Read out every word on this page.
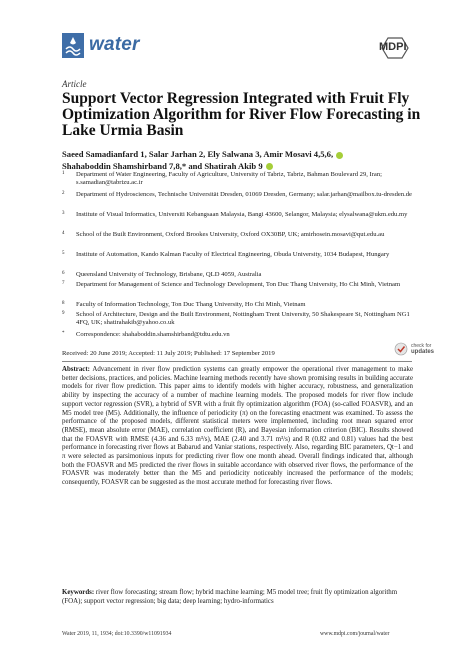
water	MDPI
Article
Support Vector Regression Integrated with Fruit Fly Optimization Algorithm for River Flow Forecasting in Lake Urmia Basin
Saeed Samadianfard 1, Salar Jarhan 2, Ely Salwana 3, Amir Mosavi 4,5,6,
Shahaboddin Shamshirband 7,8,* and Shatirah Akib 9
1 Department of Water Engineering, Faculty of Agriculture, University of Tabriz, Tabriz, Bahman Boulevard 29, Iran; s.samadian@tabrizu.ac.ir
2 Department of Hydrosciences, Technische Universität Dresden, 01069 Dresden, Germany; salar.jarhan@mailbox.tu-dresden.de
3 Institute of Visual Informatics, Universiti Kebangsaan Malaysia, Bangi 43600, Selangor, Malaysia; elysalwana@ukm.edu.my
4 School of the Built Environment, Oxford Brookes University, Oxford OX30BP, UK; amirhosein.mosavi@qut.edu.au
5 Institute of Automation, Kando Kalman Faculty of Electrical Engineering, Obuda University, 1034 Budapest, Hungary
6 Queensland University of Technology, Brisbane, QLD 4059, Australia
7 Department for Management of Science and Technology Development, Ton Duc Thang University, Ho Chi Minh, Vietnam
8 Faculty of Information Technology, Ton Duc Thang University, Ho Chi Minh, Vietnam
9 School of Architecture, Design and the Built Environment, Nottingham Trent University, 50 Shakespeare St, Nottingham NG1 4FQ, UK; shatirahakib@yahoo.co.uk
* Correspondence: shahaboddin.shamshirband@tdtu.edu.vn
check for
updates
Received: 20 June 2019; Accepted: 11 July 2019; Published: 17 September 2019
Abstract: Advancement in river flow prediction systems can greatly empower the operational river management to make better decisions, practices, and policies. Machine learning methods recently have shown promising results in building accurate models for river flow prediction. This paper aims to identify models with higher accuracy, robustness, and generalization ability by inspecting the accuracy of a number of machine learning models. The proposed models for river flow include support vector regression (SVR), a hybrid of SVR with a fruit fly optimization algorithm (FOA) (so-called FOASVR), and an M5 model tree (M5). Additionally, the influence of periodicity (π) on the forecasting enactment was examined. To assess the performance of the proposed models, different statistical meters were implemented, including root mean squared error (RMSE), mean absolute error (MAE), correlation coefficient (R), and Bayesian information criterion (BIC). Results showed that the FOASVR with RMSE (4.36 and 6.33 m³/s), MAE (2.40 and 3.71 m³/s) and R (0.82 and 0.81) values had the best performance in forecasting river flows at Babarud and Vaniar stations, respectively. Also, regarding BIC parameters, Qt−1 and π were selected as parsimonious inputs for predicting river flow one month ahead. Overall findings indicated that, although both the FOASVR and M5 predicted the river flows in suitable accordance with observed river flows, the performance of the FOASVR was moderately better than the M5 and periodicity noticeably increased the performance of the models; consequently, FOASVR can be suggested as the most accurate method for forecasting river flows.
Keywords: river flow forecasting; stream flow; hybrid machine learning; M5 model tree; fruit fly optimization algorithm (FOA); support vector regression; big data; deep learning; hydro-informatics
Water 2019, 11, 1934; doi:10.3390/w11091934	www.mdpi.com/journal/water
